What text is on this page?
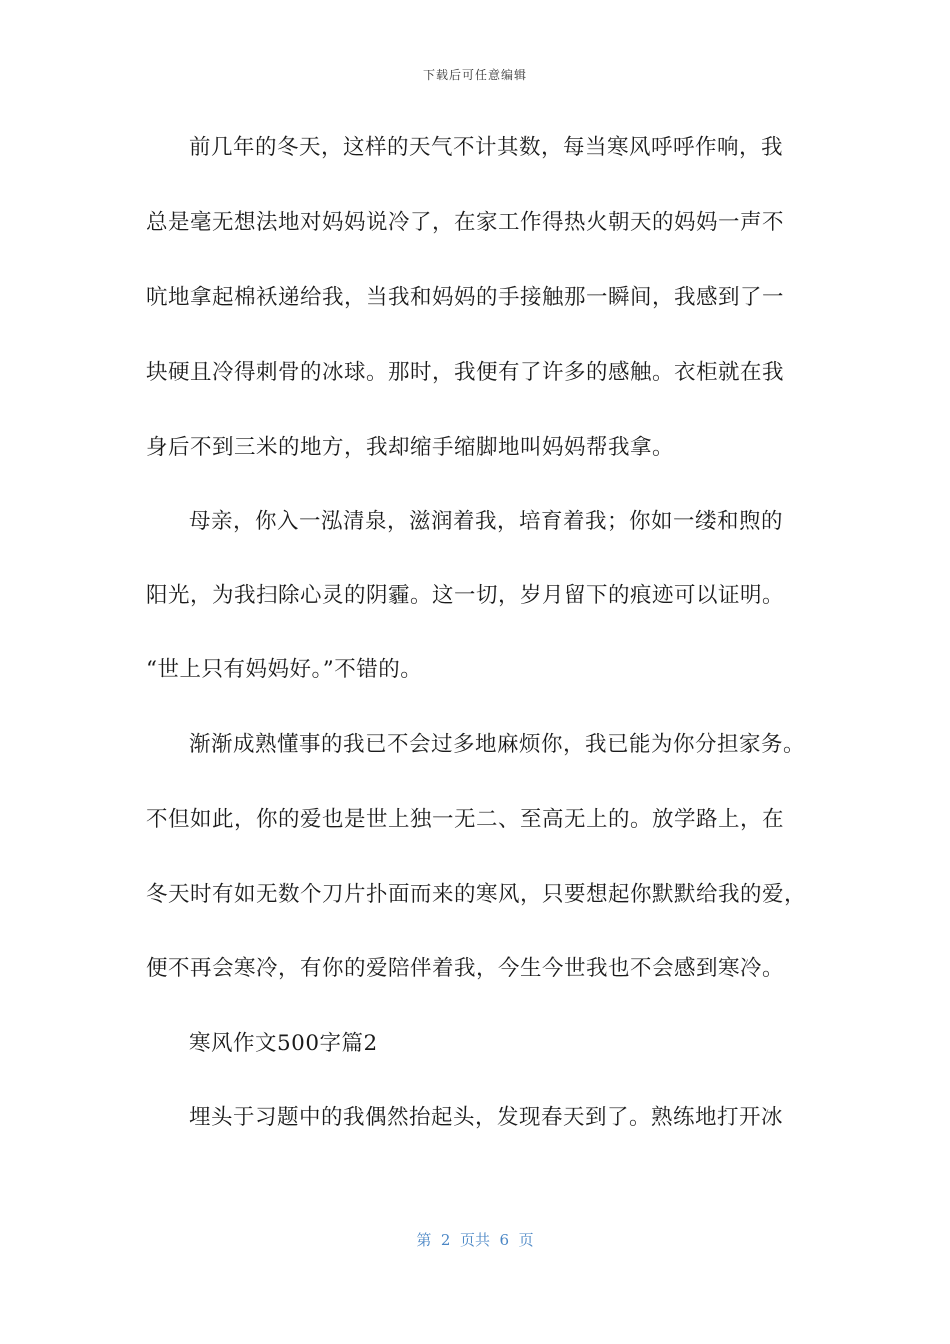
下载后可任意编辑
前几年的冬天，这样的天气不计其数，每当寒风呼呼作响，我
总是毫无想法地对妈妈说冷了，在家工作得热火朝天的妈妈一声不
吭地拿起棉袄递给我，当我和妈妈的手接触那一瞬间，我感到了一
块硬且冷得刺骨的冰球。那时，我便有了许多的感触。衣柜就在我
身后不到三米的地方，我却缩手缩脚地叫妈妈帮我拿。
母亲，你入一泓清泉，滋润着我，培育着我；你如一缕和煦的
阳光，为我扫除心灵的阴霾。这一切，岁月留下的痕迹可以证明。
“世上只有妈妈好。”不错的。
渐渐成熟懂事的我已不会过多地麻烦你，我已能为你分担家务。
不但如此，你的爱也是世上独一无二、至高无上的。放学路上，在
冬天时有如无数个刀片扑面而来的寒风，只要想起你默默给我的爱，
便不再会寒冷，有你的爱陪伴着我，今生今世我也不会感到寒冷。
寒风作文500字篇2
埋头于习题中的我偶然抬起头，发现春天到了。熟练地打开冰
第  2  页共  6  页
